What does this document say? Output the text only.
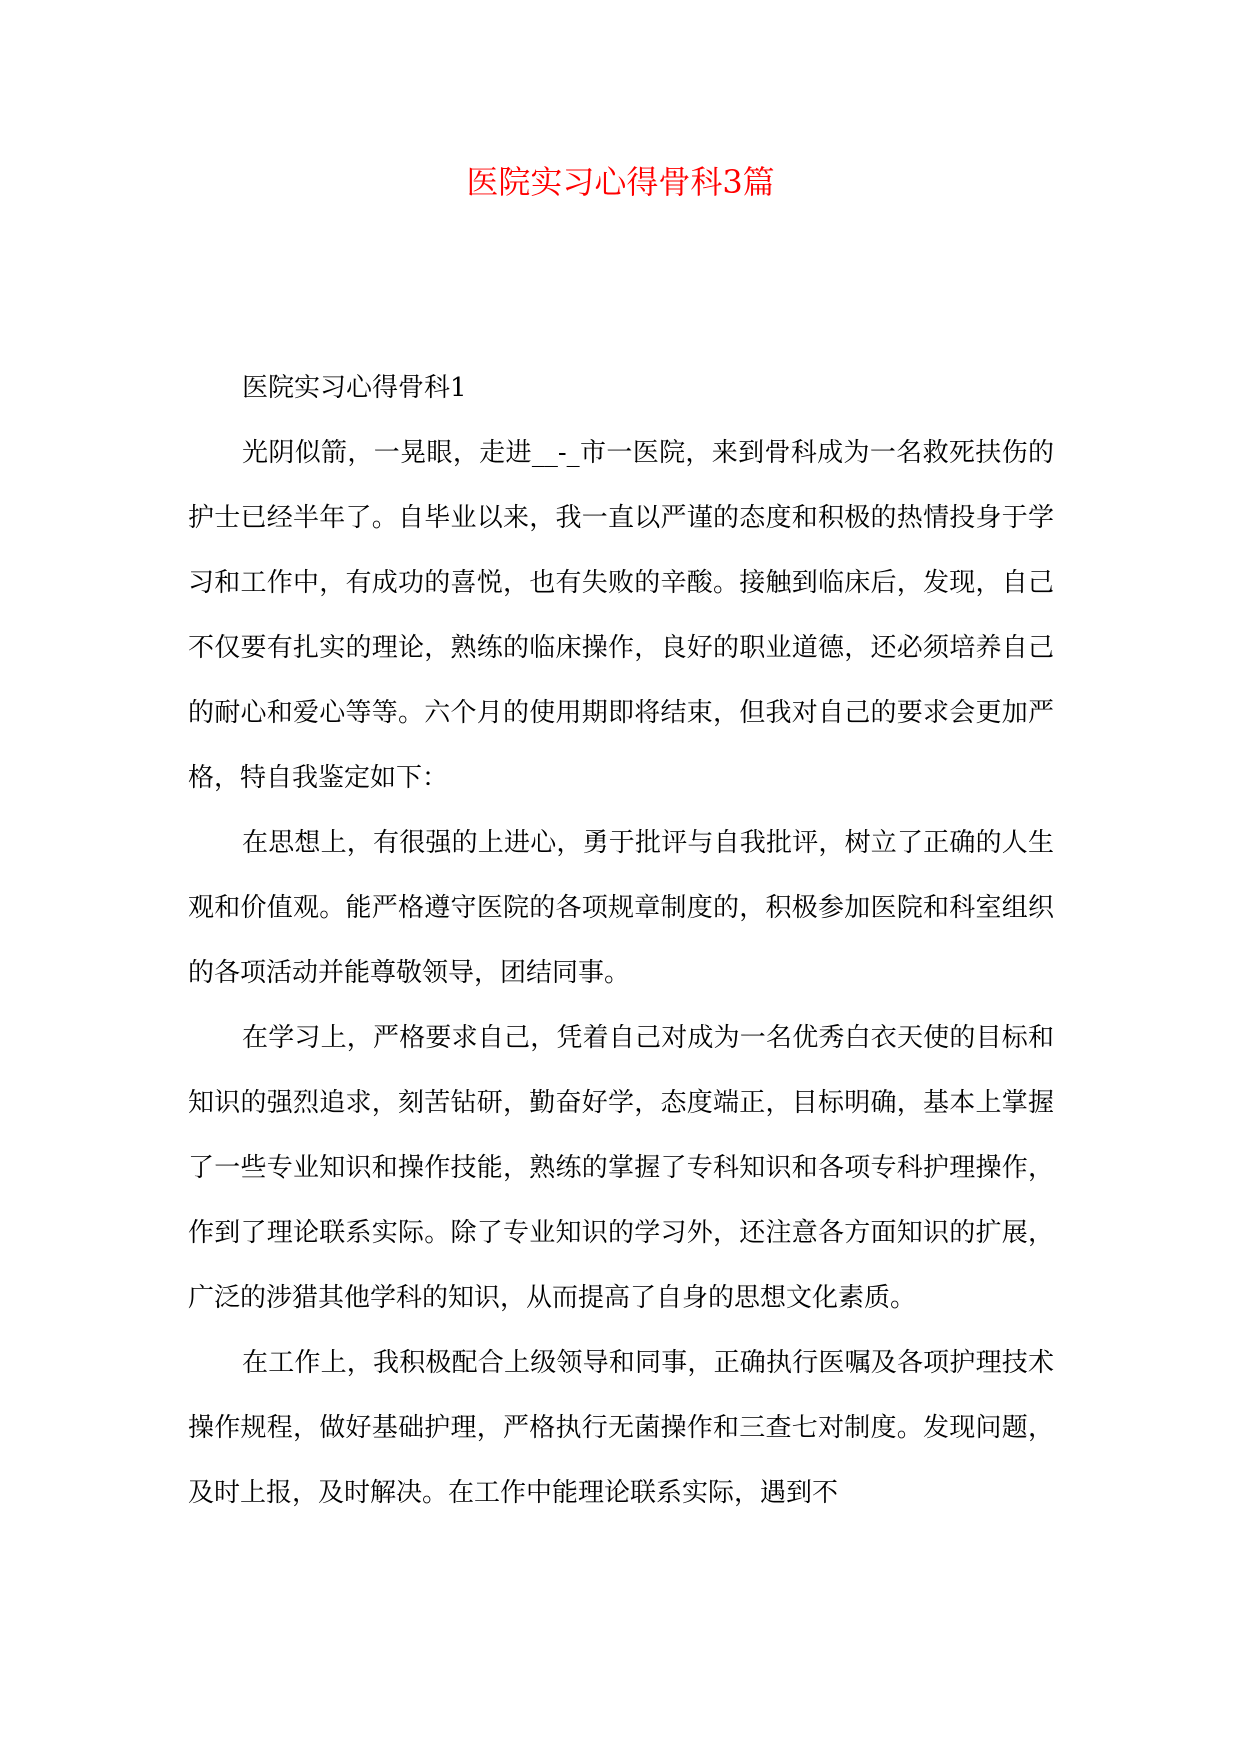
医院实习心得骨科3篇

医院实习心得骨科1

光阴似箭，一晃眼，走进__-_市一医院，来到骨科成为一名救死扶伤的护士已经半年了。自毕业以来，我一直以严谨的态度和积极的热情投身于学习和工作中，有成功的喜悦，也有失败的辛酸。接触到临床后，发现，自己不仅要有扎实的理论，熟练的临床操作，良好的职业道德，还必须培养自己的耐心和爱心等等。六个月的使用期即将结束，但我对自己的要求会更加严格，特自我鉴定如下：

在思想上，有很强的上进心，勇于批评与自我批评，树立了正确的人生观和价值观。能严格遵守医院的各项规章制度的，积极参加医院和科室组织的各项活动并能尊敬领导，团结同事。

在学习上，严格要求自己，凭着自己对成为一名优秀白衣天使的目标和知识的强烈追求，刻苦钻研，勤奋好学，态度端正，目标明确，基本上掌握了一些专业知识和操作技能，熟练的掌握了专科知识和各项专科护理操作，作到了理论联系实际。除了专业知识的学习外，还注意各方面知识的扩展，广泛的涉猎其他学科的知识，从而提高了自身的思想文化素质。

在工作上，我积极配合上级领导和同事，正确执行医嘱及各项护理技术操作规程，做好基础护理，严格执行无菌操作和三查七对制度。发现问题，及时上报，及时解决。在工作中能理论联系实际，遇到不
